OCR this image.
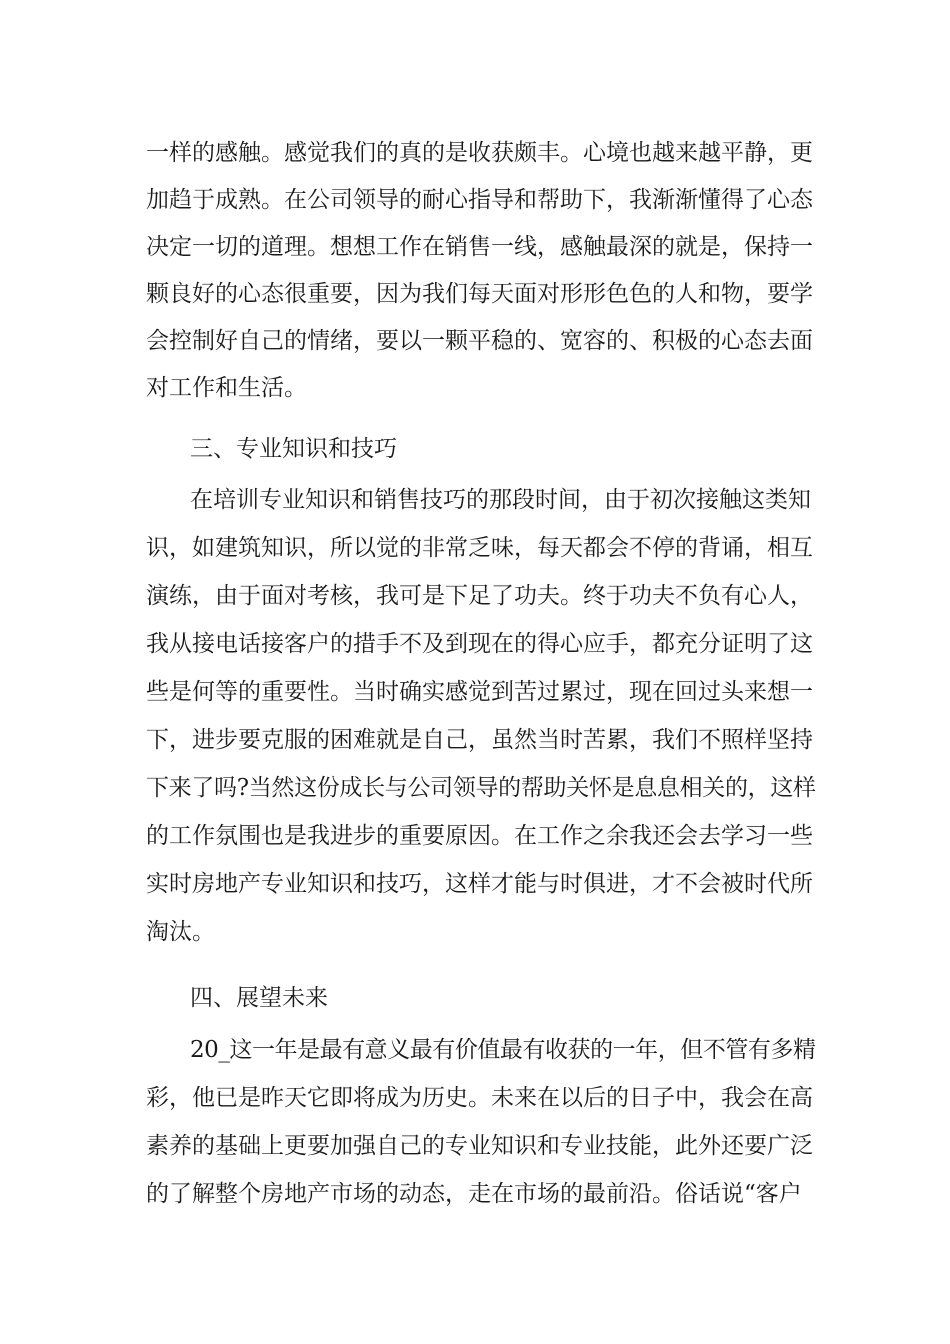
一样的感触。感觉我们的真的是收获颇丰。心境也越来越平静，更
加趋于成熟。在公司领导的耐心指导和帮助下，我渐渐懂得了心态
决定一切的道理。想想工作在销售一线，感触最深的就是，保持一
颗良好的心态很重要，因为我们每天面对形形色色的人和物，要学
会控制好自己的情绪，要以一颗平稳的、宽容的、积极的心态去面
对工作和生活。
三、专业知识和技巧
在培训专业知识和销售技巧的那段时间，由于初次接触这类知
识，如建筑知识，所以觉的非常乏味，每天都会不停的背诵，相互
演练，由于面对考核，我可是下足了功夫。终于功夫不负有心人，
我从接电话接客户的措手不及到现在的得心应手，都充分证明了这
些是何等的重要性。当时确实感觉到苦过累过，现在回过头来想一
下，进步要克服的困难就是自己，虽然当时苦累，我们不照样坚持
下来了吗?当然这份成长与公司领导的帮助关怀是息息相关的，这样
的工作氛围也是我进步的重要原因。在工作之余我还会去学习一些
实时房地产专业知识和技巧，这样才能与时俱进，才不会被时代所
淘汰。
四、展望未来
20_这一年是最有意义最有价值最有收获的一年，但不管有多精
彩，他已是昨天它即将成为历史。未来在以后的日子中，我会在高
素养的基础上更要加强自己的专业知识和专业技能，此外还要广泛
的了解整个房地产市场的动态，走在市场的最前沿。俗话说“客户
